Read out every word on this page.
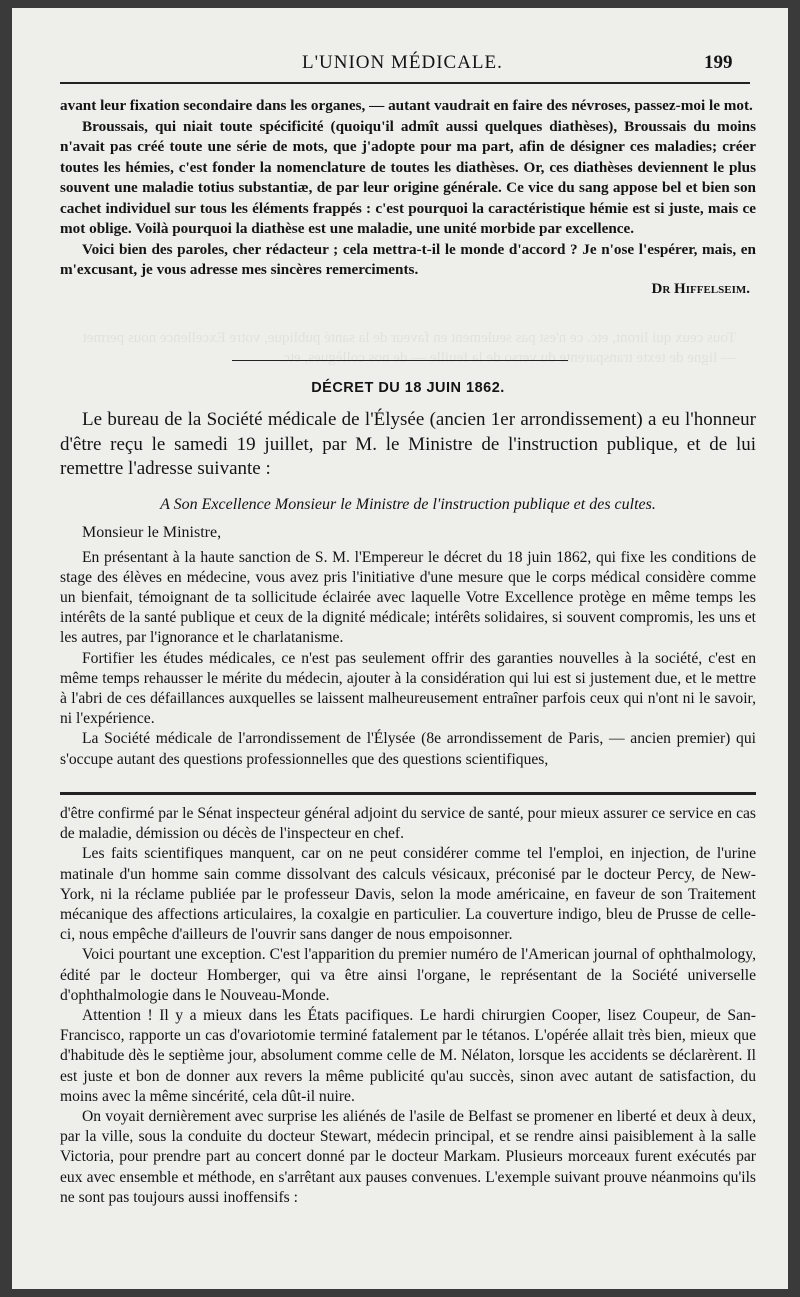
Tous ceux qui liront, etc. ce n'est pas seulement en faveur de la santé publique, votre Excellence nous permet — ligne de texte transparente du verso de la feuille — de nos collègues, etc.
L'UNION MÉDICALE.	199

avant leur fixation secondaire dans les organes, — autant vaudrait en faire des névroses, passez-moi le mot.

Broussais, qui niait toute spécificité (quoiqu'il admît aussi quelques diathèses), Broussais du moins n'avait pas créé toute une série de mots, que j'adopte pour ma part, afin de désigner ces maladies; créer toutes les hémies, c'est fonder la nomenclature de toutes les diathèses. Or, ces diathèses deviennent le plus souvent une maladie totius substantiæ, de par leur origine générale. Ce vice du sang appose bel et bien son cachet individuel sur tous les éléments frappés : c'est pourquoi la caractéristique hémie est si juste, mais ce mot oblige. Voilà pourquoi la diathèse est une maladie, une unité morbide par excellence.

Voici bien des paroles, cher rédacteur ; cela mettra-t-il le monde d'accord ? Je n'ose l'espérer, mais, en m'excusant, je vous adresse mes sincères remerciments.

Dr Hiffelseim.

DÉCRET DU 18 JUIN 1862.

Le bureau de la Société médicale de l'Élysée (ancien 1er arrondissement) a eu l'honneur d'être reçu le samedi 19 juillet, par M. le Ministre de l'instruction publique, et de lui remettre l'adresse suivante :

A Son Excellence Monsieur le Ministre de l'instruction publique et des cultes.

Monsieur le Ministre,

En présentant à la haute sanction de S. M. l'Empereur le décret du 18 juin 1862, qui fixe les conditions de stage des élèves en médecine, vous avez pris l'initiative d'une mesure que le corps médical considère comme un bienfait, témoignant de ta sollicitude éclairée avec laquelle Votre Excellence protège en même temps les intérêts de la santé publique et ceux de la dignité médicale; intérêts solidaires, si souvent compromis, les uns et les autres, par l'ignorance et le charlatanisme.

Fortifier les études médicales, ce n'est pas seulement offrir des garanties nouvelles à la société, c'est en même temps rehausser le mérite du médecin, ajouter à la considération qui lui est si justement due, et le mettre à l'abri de ces défaillances auxquelles se laissent malheureusement entraîner parfois ceux qui n'ont ni le savoir, ni l'expérience.

La Société médicale de l'arrondissement de l'Élysée (8e arrondissement de Paris, — ancien premier) qui s'occupe autant des questions professionnelles que des questions scientifiques,

d'être confirmé par le Sénat inspecteur général adjoint du service de santé, pour mieux assurer ce service en cas de maladie, démission ou décès de l'inspecteur en chef.

Les faits scientifiques manquent, car on ne peut considérer comme tel l'emploi, en injection, de l'urine matinale d'un homme sain comme dissolvant des calculs vésicaux, préconisé par le docteur Percy, de New-York, ni la réclame publiée par le professeur Davis, selon la mode américaine, en faveur de son Traitement mécanique des affections articulaires, la coxalgie en particulier. La couverture indigo, bleu de Prusse de celle-ci, nous empêche d'ailleurs de l'ouvrir sans danger de nous empoisonner.

Voici pourtant une exception. C'est l'apparition du premier numéro de l'American journal of ophthalmology, édité par le docteur Homberger, qui va être ainsi l'organe, le représentant de la Société universelle d'ophthalmologie dans le Nouveau-Monde.

Attention ! Il y a mieux dans les États pacifiques. Le hardi chirurgien Cooper, lisez Coupeur, de San-Francisco, rapporte un cas d'ovariotomie terminé fatalement par le tétanos. L'opérée allait très bien, mieux que d'habitude dès le septième jour, absolument comme celle de M. Nélaton, lorsque les accidents se déclarèrent. Il est juste et bon de donner aux revers la même publicité qu'au succès, sinon avec autant de satisfaction, du moins avec la même sincérité, cela dût-il nuire.

On voyait dernièrement avec surprise les aliénés de l'asile de Belfast se promener en liberté et deux à deux, par la ville, sous la conduite du docteur Stewart, médecin principal, et se rendre ainsi paisiblement à la salle Victoria, pour prendre part au concert donné par le docteur Markam. Plusieurs morceaux furent exécutés par eux avec ensemble et méthode, en s'arrêtant aux pauses convenues. L'exemple suivant prouve néanmoins qu'ils ne sont pas toujours aussi inoffensifs :
